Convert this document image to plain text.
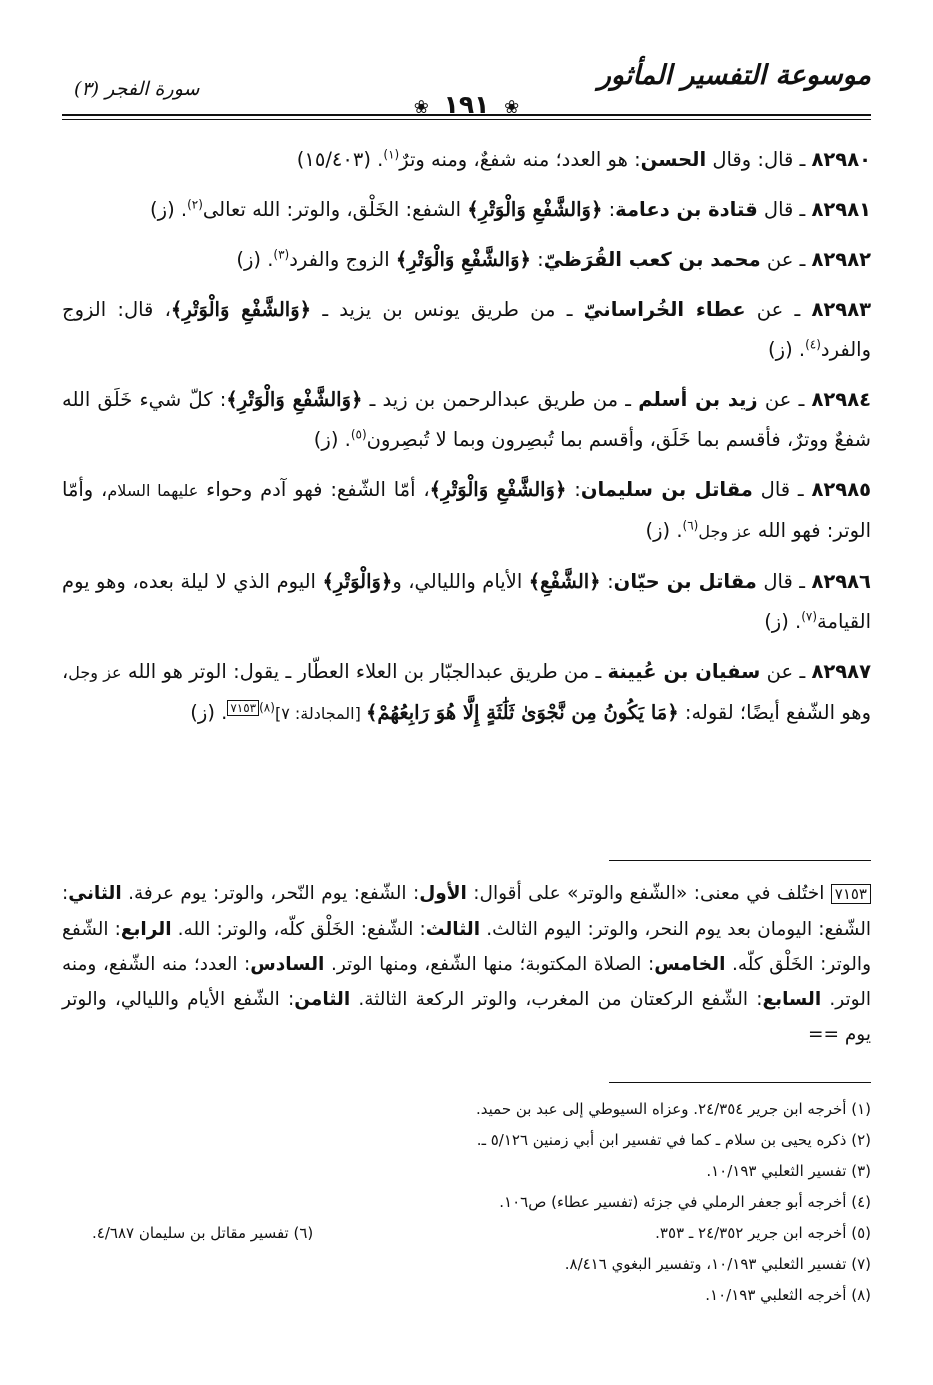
موسوعة التفسير المأثور
سورة الفجر (٣)
❀ ١٩١ ❀

٨٢٩٨٠ ـ قال: وقال الحسن: هو العدد؛ منه شفعٌ، ومنه وترٌ$^{(١)}$. (١٥/٤٠٣)

٨٢٩٨١ ـ قال قتادة بن دعامة: ﴿وَالشَّفْعِ وَالْوَتْرِ﴾ الشفع: الخَلْق، والوتر: الله تعالى$^{(٢)}$. (ز)

٨٢٩٨٢ ـ عن محمد بن كعب القُرَظيّ: ﴿وَالشَّفْعِ وَالْوَتْرِ﴾ الزوج والفرد$^{(٣)}$. (ز)

٨٢٩٨٣ ـ عن عطاء الخُراسانيّ ـ من طريق يونس بن يزيد ـ ﴿وَالشَّفْعِ وَالْوَتْرِ﴾، قال: الزوج والفرد$^{(٤)}$. (ز)

٨٢٩٨٤ ـ عن زيد بن أسلم ـ من طريق عبدالرحمن بن زيد ـ ﴿وَالشَّفْعِ وَالْوَتْرِ﴾: كلّ شيء خَلَق الله شفعٌ ووترٌ، فأقسم بما خَلَق، وأقسم بما تُبصِرون وبما لا تُبصِرون$^{(٥)}$. (ز)

٨٢٩٨٥ ـ قال مقاتل بن سليمان: ﴿وَالشَّفْعِ وَالْوَتْرِ﴾، أمّا الشّفع: فهو آدم وحواء عليهما السلام، وأمّا الوتر: فهو الله عز وجل$^{(٦)}$. (ز)

٨٢٩٨٦ ـ قال مقاتل بن حيّان: ﴿الشَّفْعِ﴾ الأيام والليالي، و﴿وَالْوَتْرِ﴾ اليوم الذي لا ليلة بعده، وهو يوم القيامة$^{(٧)}$. (ز)

٨٢٩٨٧ ـ عن سفيان بن عُيينة ـ من طريق عبدالجبّار بن العلاء العطّار ـ يقول: الوتر هو الله عز وجل، وهو الشّفع أيضًا؛ لقوله: ﴿مَا يَكُونُ مِن نَّجْوَىٰ ثَلَٰثَةٍ إِلَّا هُوَ رَابِعُهُمْ﴾ [المجادلة: ٧]$^{(٨)٧١٥٣}$. (ز)

٧١٥٣ اختُلف في معنى: «الشّفع والوتر» على أقوال: الأول: الشّفع: يوم النّحر، والوتر: يوم عرفة. الثاني: الشّفع: اليومان بعد يوم النحر، والوتر: اليوم الثالث. الثالث: الشّفع: الخَلْق كلّه، والوتر: الله. الرابع: الشّفع والوتر: الخَلْق كلّه. الخامس: الصلاة المكتوبة؛ منها الشّفع، ومنها الوتر. السادس: العدد؛ منه الشّفع، ومنه الوتر. السابع: الشّفع الركعتان من المغرب، والوتر الركعة الثالثة. الثامن: الشّفع الأيام والليالي، والوتر يوم ==
(١) أخرجه ابن جرير ٢٤/٣٥٤. وعزاه السيوطي إلى عبد بن حميد.
(٢) ذكره يحيى بن سلام ـ كما في تفسير ابن أبي زمنين ٥/١٢٦ ـ.
(٣) تفسير الثعلبي ١٠/١٩٣.
(٤) أخرجه أبو جعفر الرملي في جزئه (تفسير عطاء) ص١٠٦.
(٥) أخرجه ابن جرير ٢٤/٣٥٢ ـ ٣٥٣.
(٦) تفسير مقاتل بن سليمان ٤/٦٨٧.
(٧) تفسير الثعلبي ١٠/١٩٣، وتفسير البغوي ٨/٤١٦.
(٨) أخرجه الثعلبي ١٠/١٩٣.
